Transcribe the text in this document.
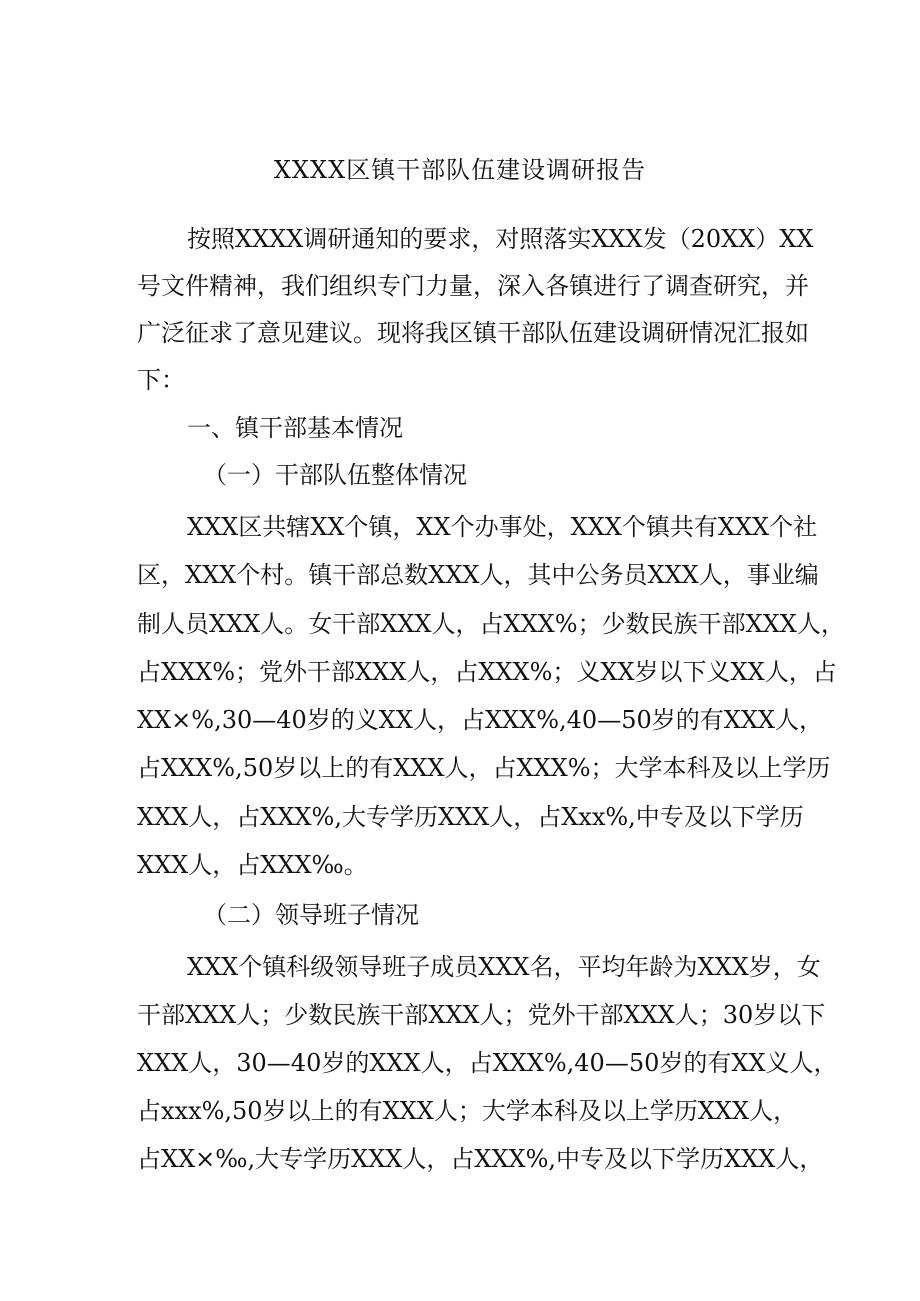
XXXX区镇干部队伍建设调研报告
按照XXXX调研通知的要求，对照落实XXX发（20XX）XX
号文件精神，我们组织专门力量，深入各镇进行了调查研究，并
广泛征求了意见建议。现将我区镇干部队伍建设调研情况汇报如
下：
一、镇干部基本情况
（一）干部队伍整体情况
XXX区共辖XX个镇，XX个办事处，XXX个镇共有XXX个社
区，XXX个村。镇干部总数XXX人，其中公务员XXX人，事业编
制人员XXX人。女干部XXX人，占XXX%；少数民族干部XXX人，
占XXX%；党外干部XXX人，占XXX%；义XX岁以下义XX人，占
XX×%,30—40岁的义XX人，占XXX%,40—50岁的有XXX人，
占XXX%,50岁以上的有XXX人，占XXX%；大学本科及以上学历
XXX人，占XXX%,大专学历XXX人，占Xxx%,中专及以下学历
XXX人，占XXX‰。
（二）领导班子情况
XXX个镇科级领导班子成员XXX名，平均年龄为XXX岁，女
干部XXX人；少数民族干部XXX人；党外干部XXX人；30岁以下
XXX人，30—40岁的XXX人，占XXX%,40—50岁的有XX义人，
占xxx%,50岁以上的有XXX人；大学本科及以上学历XXX人，
占XX×‰,大专学历XXX人，占XXX%,中专及以下学历XXX人，
